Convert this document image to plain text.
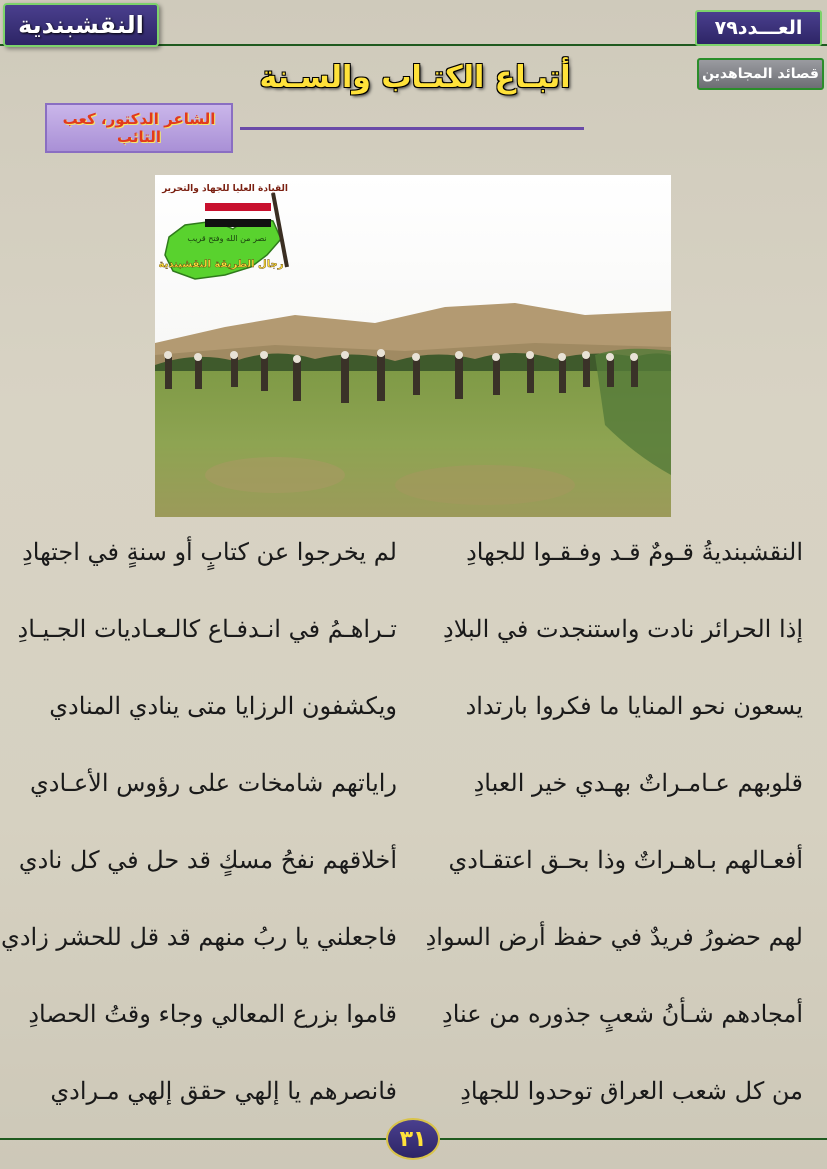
النقشبندية	العـــدد٧٩
قصائد المجاهدين
أتبـاع الكتـاب والسـنة
الشاعر الدكتور، كعب التائب
القيادة العليا للجهاد والتحرير
نصر من الله وفتح قريب
رجال الطريقة النقشبندية
النقشبنديةُ قـومٌ قـد وفـقـوا للجهادِ
لم يخرجوا عن كتابٍ أو سنةٍ في اجتهادِ
إذا الحرائر نادت واستنجدت في البلادِ
تـراهـمُ في انـدفـاع كالـعـاديات الجـيـادِ
يسعون نحو المنايا ما فكروا بارتداد
ويكشفون الرزايا متى ينادي المنادي
قلوبهم عـامـراتٌ بهـدي خير العبادِ
راياتهم شامخات على رؤوس الأعـادي
أفعـالهم بـاهـراتٌ وذا بحـق اعتقـادي
أخلاقهم نفحُ مسكٍ قد حل في كل نادي
لهم حضورُ فريدٌ في حفظ أرض السوادِ
فاجعلني يا ربُ منهم قد قل للحشر زادي
أمجادهم شـأنُ شعبٍ جذوره من عنادِ
قاموا بزرع المعالي وجاء وقتُ الحصادِ
من كل شعب العراق توحدوا للجهادِ
فانصرهم يا إلهي حقق إلهي مـرادي
٣١
